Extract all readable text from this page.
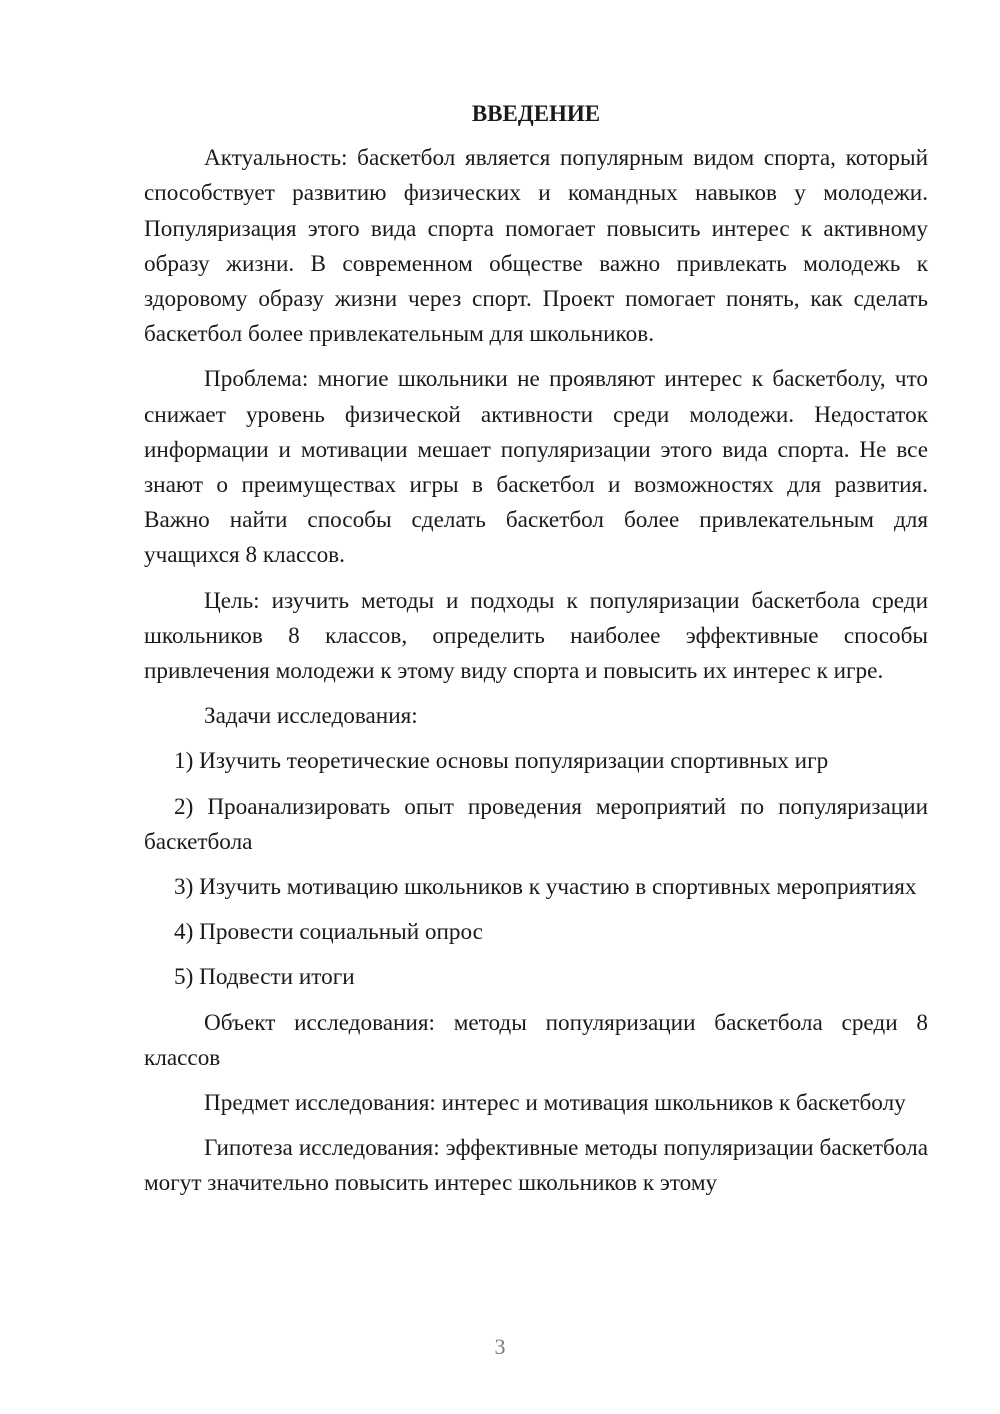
ВВЕДЕНИЕ

Актуальность: баскетбол является популярным видом спорта, который способствует развитию физических и командных навыков у молодежи. Популяризация этого вида спорта помогает повысить интерес к активному образу жизни. В современном обществе важно привлекать молодежь к здоровому образу жизни через спорт. Проект помогает понять, как сделать баскетбол более привлекательным для школьников.

Проблема: многие школьники не проявляют интерес к баскетболу, что снижает уровень физической активности среди молодежи. Недостаток информации и мотивации мешает популяризации этого вида спорта. Не все знают о преимуществах игры в баскетбол и возможностях для развития. Важно найти способы сделать баскетбол более привлекательным для учащихся 8 классов.

Цель: изучить методы и подходы к популяризации баскетбола среди школьников 8 классов, определить наиболее эффективные способы привлечения молодежи к этому виду спорта и повысить их интерес к игре.

Задачи исследования:

1) Изучить теоретические основы популяризации спортивных игр

2) Проанализировать опыт проведения мероприятий по популяризации баскетбола

3) Изучить мотивацию школьников к участию в спортивных мероприятиях

4) Провести социальный опрос

5) Подвести итоги

Объект исследования: методы популяризации баскетбола среди 8 классов

Предмет исследования: интерес и мотивация школьников к баскетболу

Гипотеза исследования: эффективные методы популяризации баскетбола могут значительно повысить интерес школьников к этому

3
